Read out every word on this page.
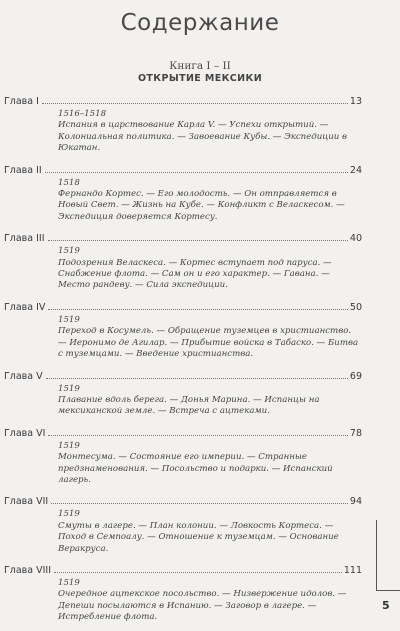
Содержание
Книга I – II
ОТКРЫТИЕ МЕКСИКИ
Глава I	13
1516–1518
Испания в царствование Карла V. — Успехи открытий. — Колониальная политика. — Завоевание Кубы. — Экспедиции в Юкатан.
Глава II	24
1518
Фернандо Кортес. — Его молодость. — Он отправляется в Новый Свет. — Жизнь на Кубе. — Конфликт с Веласкесом. — Экспедиция доверяется Кортесу.
Глава III	40
1519
Подозрения Веласкеса. — Кортес вступает под паруса. — Снабжение флота. — Сам он и его характер. — Гавана. — Место рандеву. — Сила экспедиции.
Глава IV	50
1519
Переход в Косумель. — Обращение туземцев в христианство. — Иеронимо де Агилар. — Прибытие войска в Табаско. — Битва с туземцами. — Введение христианства.
Глава V	69
1519
Плавание вдоль берега. — Донья Марина. — Испанцы на мексиканской земле. — Встреча с ацтеками.
Глава VI	78
1519
Монтесума. — Состояние его империи. — Странные предзнаменования. — Посольство и подарки. — Испанский лагерь.
Глава VII	94
1519
Смуты в лагере. — План колонии. — Ловкость Кортеса. — Поход в Семпоалу. — Отношение к туземцам. — Основание Веракруса.
Глава VIII	111
1519
Очередное ацтекское посольство. — Низвержение идолов. — Депеши посылаются в Испанию. — Заговор в лагере. — Истребление флота.
5
